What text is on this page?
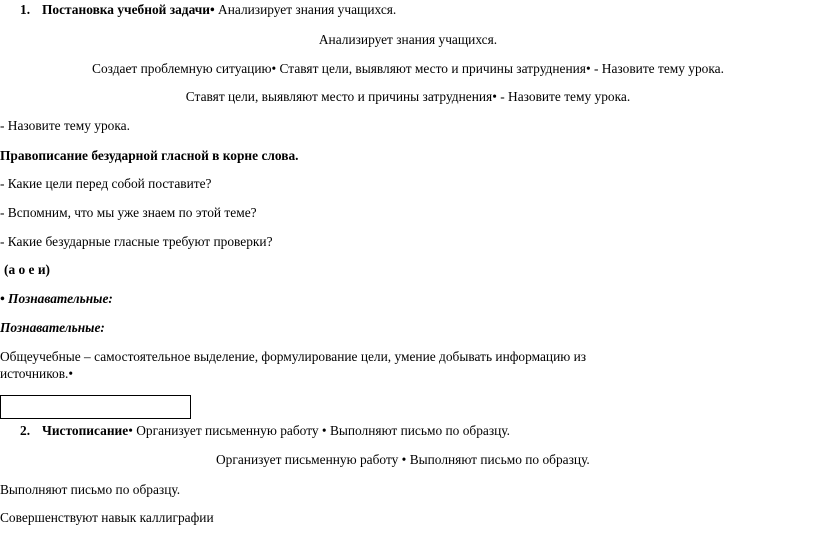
1. Постановка учебной задачи• Анализирует знания учащихся.
Анализирует знания учащихся.
Создает проблемную ситуацию• Ставят цели, выявляют место и причины затруднения• - Назовите тему урока.
Ставят цели, выявляют место и причины затруднения• - Назовите тему урока.
- Назовите тему урока.
Правописание безударной гласной в корне слова.
- Какие цели перед собой поставите?
- Вспомним, что мы уже знаем по этой теме?
- Какие безударные гласные требуют проверки?
(а о е и)
• Познавательные:
Познавательные:
Общеучебные – самостоятельное выделение, формулирование цели, умение добывать информацию из
источников.•
2. Чистописание• Организует письменную работу • Выполняют письмо по образцу.
Организует письменную работу • Выполняют письмо по образцу.
Выполняют письмо по образцу.
Совершенствуют навык каллиграфии
